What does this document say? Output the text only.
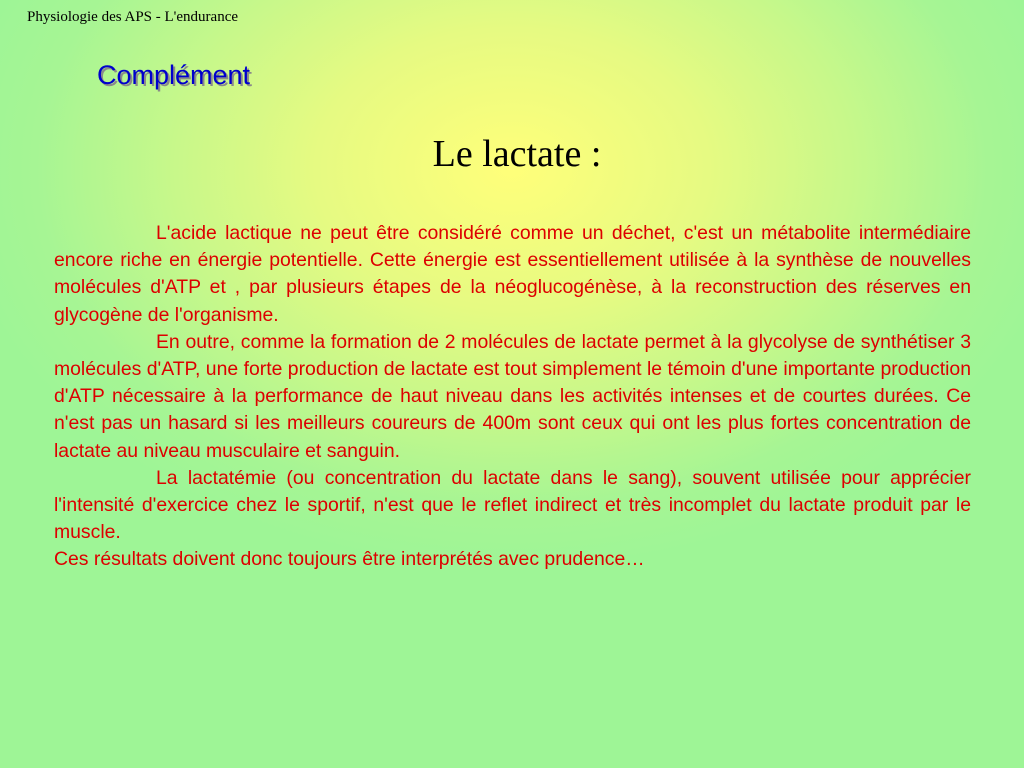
Physiologie des APS - L'endurance
Complément
Le lactate :

L'acide lactique ne peut être considéré comme un déchet, c'est un métabolite intermédiaire encore riche en énergie potentielle. Cette énergie est essentiellement utilisée à la synthèse de nouvelles molécules d'ATP et , par plusieurs étapes de la néoglucogénèse, à la reconstruction des réserves en glycogène de l'organisme.

En outre, comme la formation de 2 molécules de lactate permet à la glycolyse de synthétiser 3 molécules d'ATP, une forte production de lactate est tout simplement le témoin d'une importante production d'ATP nécessaire à la performance de haut niveau dans les activités intenses et de courtes durées. Ce n'est pas un hasard si les meilleurs coureurs de 400m sont ceux qui ont les plus fortes concentration de lactate au niveau musculaire et sanguin.

La lactatémie (ou concentration du lactate dans le sang), souvent utilisée pour apprécier l'intensité d'exercice chez le sportif, n'est que le reflet indirect et très incomplet du lactate produit par le muscle.

Ces résultats doivent donc toujours être interprétés avec prudence…
